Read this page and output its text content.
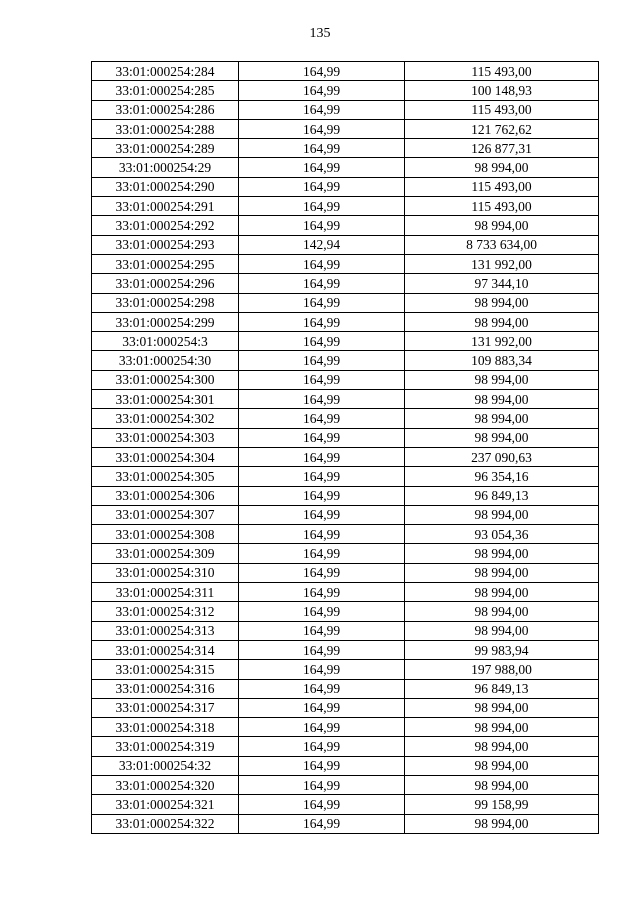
135
33:01:000254:284	164,99	115 493,00
33:01:000254:285	164,99	100 148,93
33:01:000254:286	164,99	115 493,00
33:01:000254:288	164,99	121 762,62
33:01:000254:289	164,99	126 877,31
33:01:000254:29	164,99	98 994,00
33:01:000254:290	164,99	115 493,00
33:01:000254:291	164,99	115 493,00
33:01:000254:292	164,99	98 994,00
33:01:000254:293	142,94	8 733 634,00
33:01:000254:295	164,99	131 992,00
33:01:000254:296	164,99	97 344,10
33:01:000254:298	164,99	98 994,00
33:01:000254:299	164,99	98 994,00
33:01:000254:3	164,99	131 992,00
33:01:000254:30	164,99	109 883,34
33:01:000254:300	164,99	98 994,00
33:01:000254:301	164,99	98 994,00
33:01:000254:302	164,99	98 994,00
33:01:000254:303	164,99	98 994,00
33:01:000254:304	164,99	237 090,63
33:01:000254:305	164,99	96 354,16
33:01:000254:306	164,99	96 849,13
33:01:000254:307	164,99	98 994,00
33:01:000254:308	164,99	93 054,36
33:01:000254:309	164,99	98 994,00
33:01:000254:310	164,99	98 994,00
33:01:000254:311	164,99	98 994,00
33:01:000254:312	164,99	98 994,00
33:01:000254:313	164,99	98 994,00
33:01:000254:314	164,99	99 983,94
33:01:000254:315	164,99	197 988,00
33:01:000254:316	164,99	96 849,13
33:01:000254:317	164,99	98 994,00
33:01:000254:318	164,99	98 994,00
33:01:000254:319	164,99	98 994,00
33:01:000254:32	164,99	98 994,00
33:01:000254:320	164,99	98 994,00
33:01:000254:321	164,99	99 158,99
33:01:000254:322	164,99	98 994,00
